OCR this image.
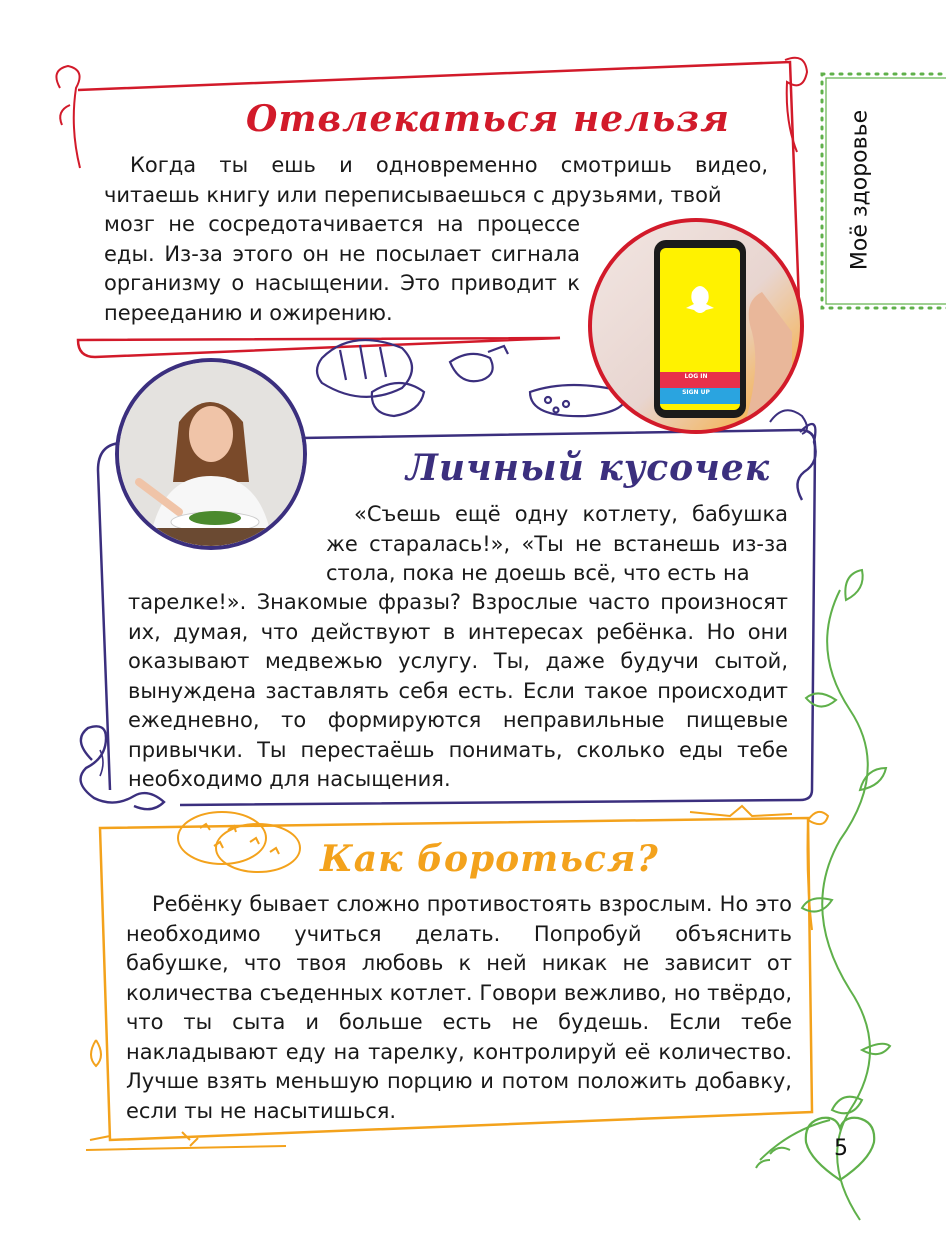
Моё здоровье
Отвлекаться нельзя

Когда ты ешь и одновременно смотришь видео, читаешь книгу или переписываешься с друзьями, твой

мозг не сосредотачивается на процессе еды. Из-за этого он не посылает сигнала организму о насыщении. Это приводит к перееданию и ожирению.

LOG IN
SIGN UP
Личный кусочек

«Съешь ещё одну котлету, бабушка же старалась!», «Ты не встанешь из-за стола, пока не доешь всё, что есть на

тарелке!». Знакомые фразы? Взрослые часто произносят их, думая, что действуют в интересах ребёнка. Но они оказывают медвежью услугу. Ты, даже будучи сытой, вынуждена заставлять себя есть. Если такое происходит ежедневно, то формируются неправильные пищевые привычки. Ты перестаёшь понимать, сколько еды тебе необходимо для насыщения.

Как бороться?

Ребёнку бывает сложно противостоять взрослым. Но это необходимо учиться делать. Попробуй объяснить бабушке, что твоя любовь к ней никак не зависит от количества съеденных котлет. Говори вежливо, но твёрдо, что ты сыта и больше есть не будешь. Если тебе накладывают еду на тарелку, контролируй её количество. Лучше взять меньшую порцию и потом положить добавку, если ты не насытишься.

5
